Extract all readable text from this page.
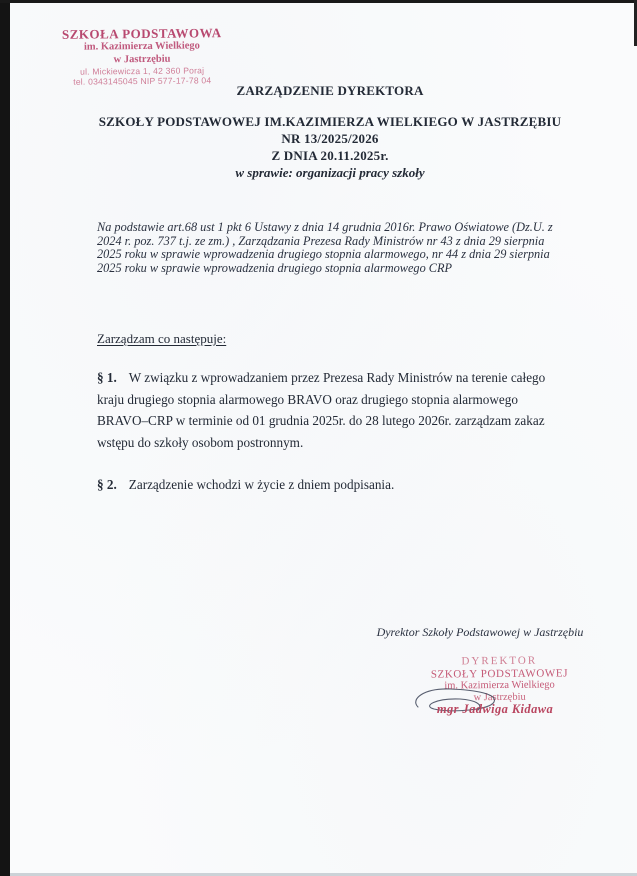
SZKOŁA PODSTAWOWA
im. Kazimierza Wielkiego
w Jastrzębiu
ul. Mickiewicza 1, 42 360 Poraj
tel. 0343145045 NIP 577-17-78 04
ZARZĄDZENIE DYREKTORA
SZKOŁY PODSTAWOWEJ IM.KAZIMIERZA WIELKIEGO W JASTRZĘBIU
NR 13/2025/2026
Z DNIA 20.11.2025r.
w sprawie: organizacji pracy szkoły
Na podstawie art.68 ust 1 pkt 6 Ustawy z dnia 14 grudnia 2016r. Prawo Oświatowe (Dz.U. z 2024 r. poz. 737 t.j. ze zm.) , Zarządzania Prezesa Rady Ministrów nr 43 z dnia 29 sierpnia 2025 roku w sprawie wprowadzenia drugiego stopnia alarmowego, nr 44 z dnia 29 sierpnia 2025 roku w sprawie wprowadzenia drugiego stopnia alarmowego CRP
Zarządzam co następuje:
§ 1. W związku z wprowadzaniem przez Prezesa Rady Ministrów na terenie całego kraju drugiego stopnia alarmowego BRAVO oraz drugiego stopnia alarmowego BRAVO–CRP w terminie od 01 grudnia 2025r. do 28 lutego 2026r. zarządzam zakaz wstępu do szkoły osobom postronnym.
§ 2. Zarządzenie wchodzi w życie z dniem podpisania.
Dyrektor Szkoły Podstawowej w Jastrzębiu
DYREKTOR
SZKOŁY PODSTAWOWEJ
im. Kazimierza Wielkiego
w Jastrzębiu
mgr Jadwiga Kidawa
